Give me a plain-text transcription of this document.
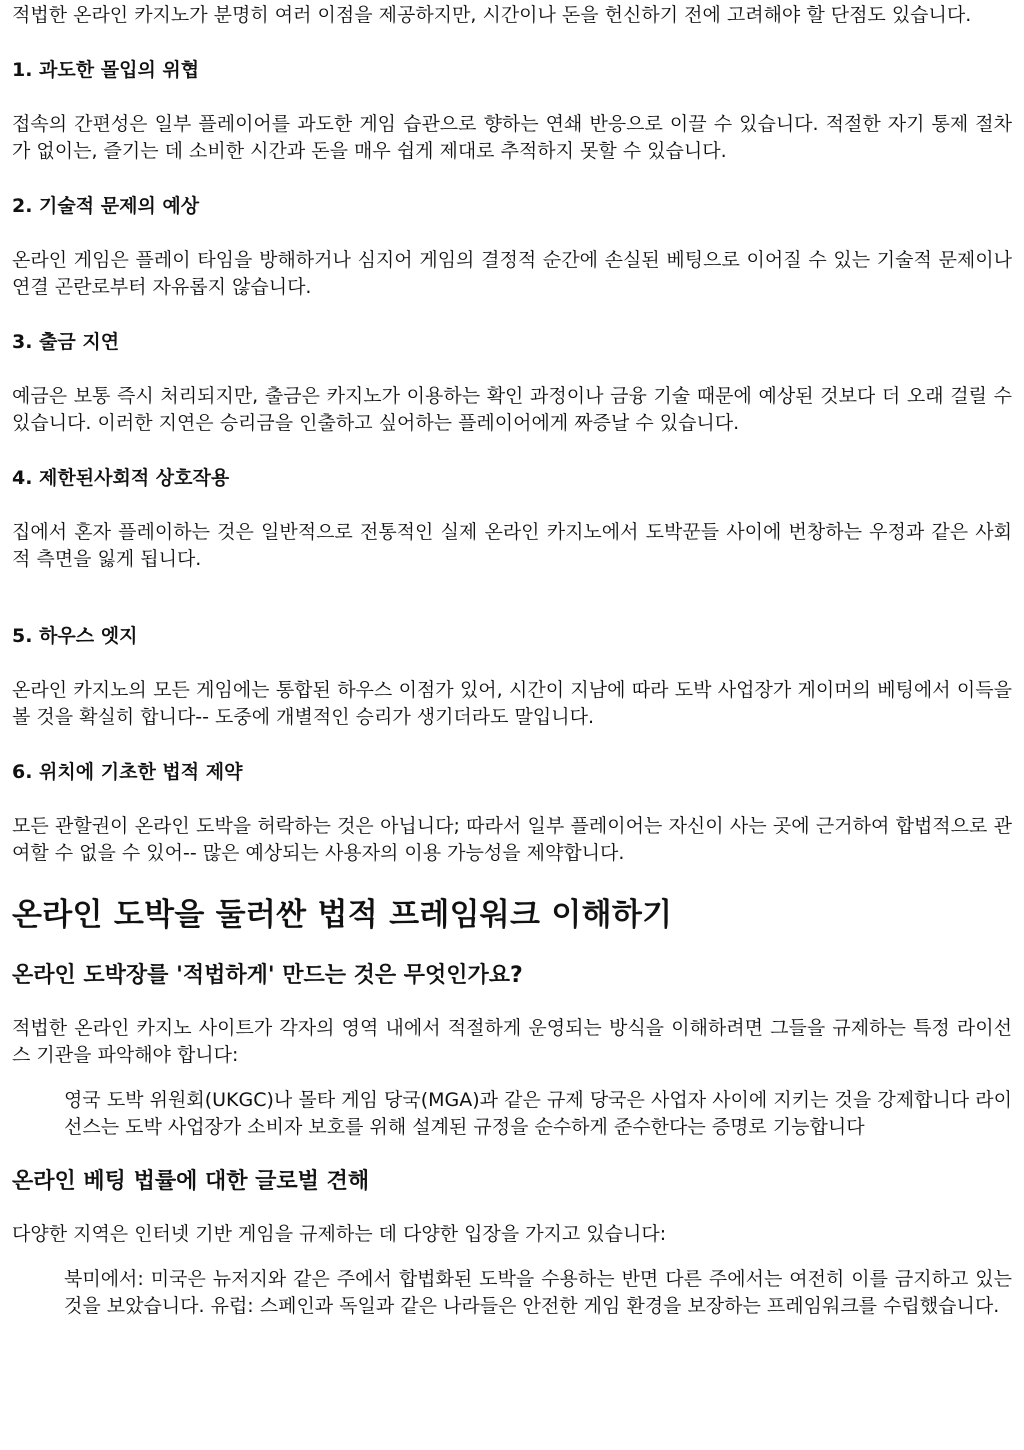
적법한 온라인 카지노가 분명히 여러 이점을 제공하지만, 시간이나 돈을 헌신하기 전에 고려해야 할 단점도 있습니다.

1. 과도한 몰입의 위협

접속의 간편성은 일부 플레이어를 과도한 게임 습관으로 향하는 연쇄 반응으로 이끌 수 있습니다. 적절한 자기 통제 절차가 없이는, 즐기는 데 소비한 시간과 돈을 매우 쉽게 제대로 추적하지 못할 수 있습니다.

2. 기술적 문제의 예상

온라인 게임은 플레이 타임을 방해하거나 심지어 게임의 결정적 순간에 손실된 베팅으로 이어질 수 있는 기술적 문제이나 연결 곤란로부터 자유롭지 않습니다.

3. 출금 지연

예금은 보통 즉시 처리되지만, 출금은 카지노가 이용하는 확인 과정이나 금융 기술 때문에 예상된 것보다 더 오래 걸릴 수 있습니다. 이러한 지연은 승리금을 인출하고 싶어하는 플레이어에게 짜증날 수 있습니다.

4. 제한된사회적 상호작용

집에서 혼자 플레이하는 것은 일반적으로 전통적인 실제 온라인 카지노에서 도박꾼들 사이에 번창하는 우정과 같은 사회적 측면을 잃게 됩니다.

5. 하우스 엣지

온라인 카지노의 모든 게임에는 통합된 하우스 이점가 있어, 시간이 지남에 따라 도박 사업장가 게이머의 베팅에서 이득을 볼 것을 확실히 합니다-- 도중에 개별적인 승리가 생기더라도 말입니다.

6. 위치에 기초한 법적 제약

모든 관할권이 온라인 도박을 허락하는 것은 아닙니다; 따라서 일부 플레이어는 자신이 사는 곳에 근거하여 합법적으로 관여할 수 없을 수 있어-- 많은 예상되는 사용자의 이용 가능성을 제약합니다.

온라인 도박을 둘러싼 법적 프레임워크 이해하기
온라인 도박장를 '적법하게' 만드는 것은 무엇인가요?

적법한 온라인 카지노 사이트가 각자의 영역 내에서 적절하게 운영되는 방식을 이해하려면 그들을 규제하는 특정 라이선스 기관을 파악해야 합니다:

영국 도박 위원회(UKGC)나 몰타 게임 당국(MGA)과 같은 규제 당국은 사업자 사이에 지키는 것을 강제합니다 라이선스는 도박 사업장가 소비자 보호를 위해 설계된 규정을 순수하게 준수한다는 증명로 기능합니다

온라인 베팅 법률에 대한 글로벌 견해

다양한 지역은 인터넷 기반 게임을 규제하는 데 다양한 입장을 가지고 있습니다:

북미에서: 미국은 뉴저지와 같은 주에서 합법화된 도박을 수용하는 반면 다른 주에서는 여전히 이를 금지하고 있는 것을 보았습니다. 유럽: 스페인과 독일과 같은 나라들은 안전한 게임 환경을 보장하는 프레임워크를 수립했습니다.
